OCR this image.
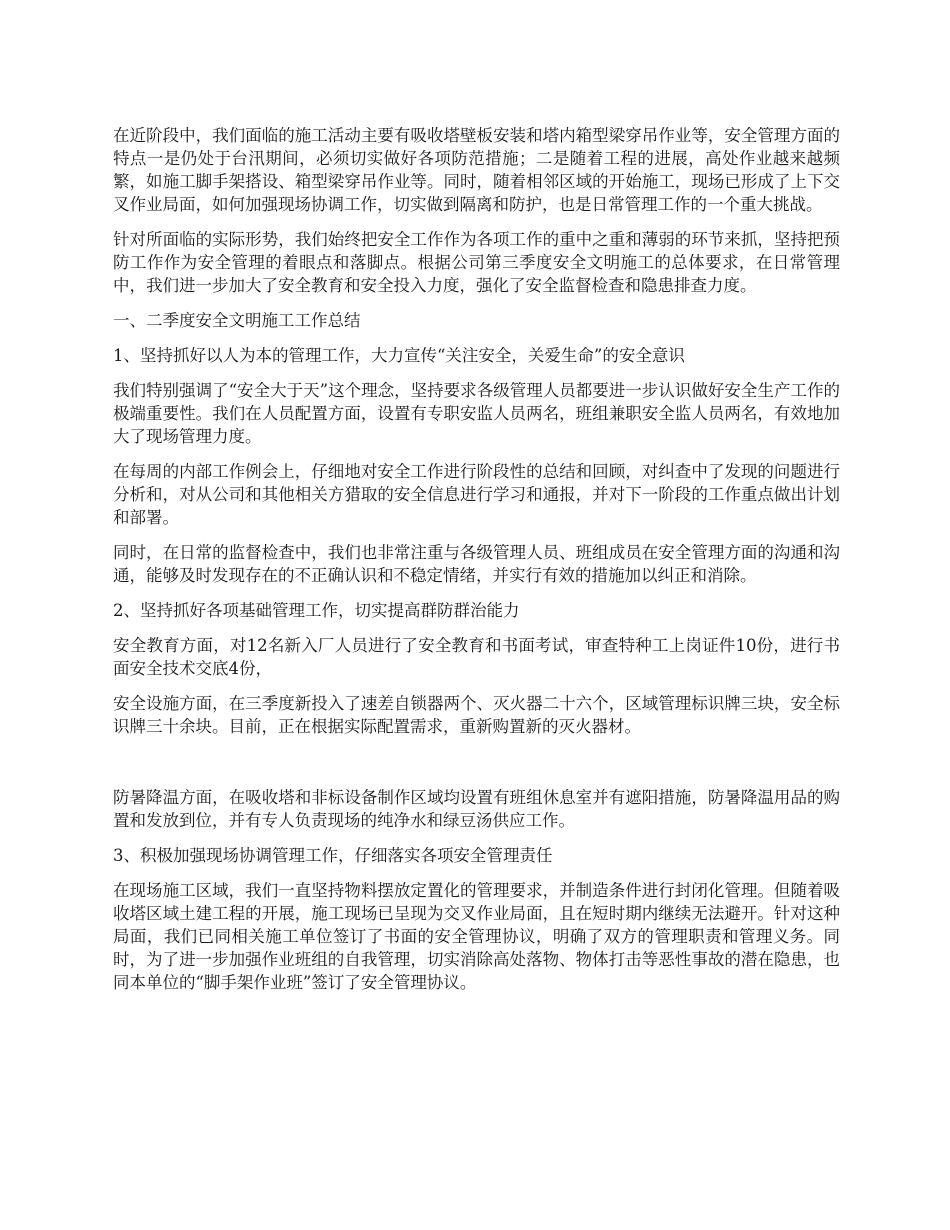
在近阶段中，我们面临的施工活动主要有吸收塔壁板安装和塔内箱型梁穿吊作业等，安全管理方面的特点一是仍处于台汛期间，必须切实做好各项防范措施；二是随着工程的进展，高处作业越来越频繁，如施工脚手架搭设、箱型梁穿吊作业等。同时，随着相邻区域的开始施工，现场已形成了上下交叉作业局面，如何加强现场协调工作，切实做到隔离和防护，也是日常管理工作的一个重大挑战。

针对所面临的实际形势，我们始终把安全工作作为各项工作的重中之重和薄弱的环节来抓，坚持把预防工作作为安全管理的着眼点和落脚点。根据公司第三季度安全文明施工的总体要求，在日常管理中，我们进一步加大了安全教育和安全投入力度，强化了安全监督检查和隐患排查力度。

一、二季度安全文明施工工作总结

1、坚持抓好以人为本的管理工作，大力宣传“关注安全，关爱生命”的安全意识

我们特别强调了“安全大于天”这个理念，坚持要求各级管理人员都要进一步认识做好安全生产工作的极端重要性。我们在人员配置方面，设置有专职安监人员两名，班组兼职安全监人员两名，有效地加大了现场管理力度。

在每周的内部工作例会上，仔细地对安全工作进行阶段性的总结和回顾，对纠查中了发现的问题进行分析和，对从公司和其他相关方猎取的安全信息进行学习和通报，并对下一阶段的工作重点做出计划和部署。

同时，在日常的监督检查中，我们也非常注重与各级管理人员、班组成员在安全管理方面的沟通和沟通，能够及时发现存在的不正确认识和不稳定情绪，并实行有效的措施加以纠正和消除。

2、坚持抓好各项基础管理工作，切实提高群防群治能力

安全教育方面，对12名新入厂人员进行了安全教育和书面考试，审查特种工上岗证件10份，进行书面安全技术交底4份，

安全设施方面，在三季度新投入了速差自锁器两个、灭火器二十六个，区域管理标识牌三块，安全标识牌三十余块。目前，正在根据实际配置需求，重新购置新的灭火器材。

防暑降温方面，在吸收塔和非标设备制作区域均设置有班组休息室并有遮阳措施，防暑降温用品的购置和发放到位，并有专人负责现场的纯净水和绿豆汤供应工作。

3、积极加强现场协调管理工作，仔细落实各项安全管理责任

在现场施工区域，我们一直坚持物料摆放定置化的管理要求，并制造条件进行封闭化管理。但随着吸收塔区域土建工程的开展，施工现场已呈现为交叉作业局面，且在短时期内继续无法避开。针对这种局面，我们已同相关施工单位签订了书面的安全管理协议，明确了双方的管理职责和管理义务。同时，为了进一步加强作业班组的自我管理，切实消除高处落物、物体打击等恶性事故的潜在隐患，也同本单位的“脚手架作业班”签订了安全管理协议。
